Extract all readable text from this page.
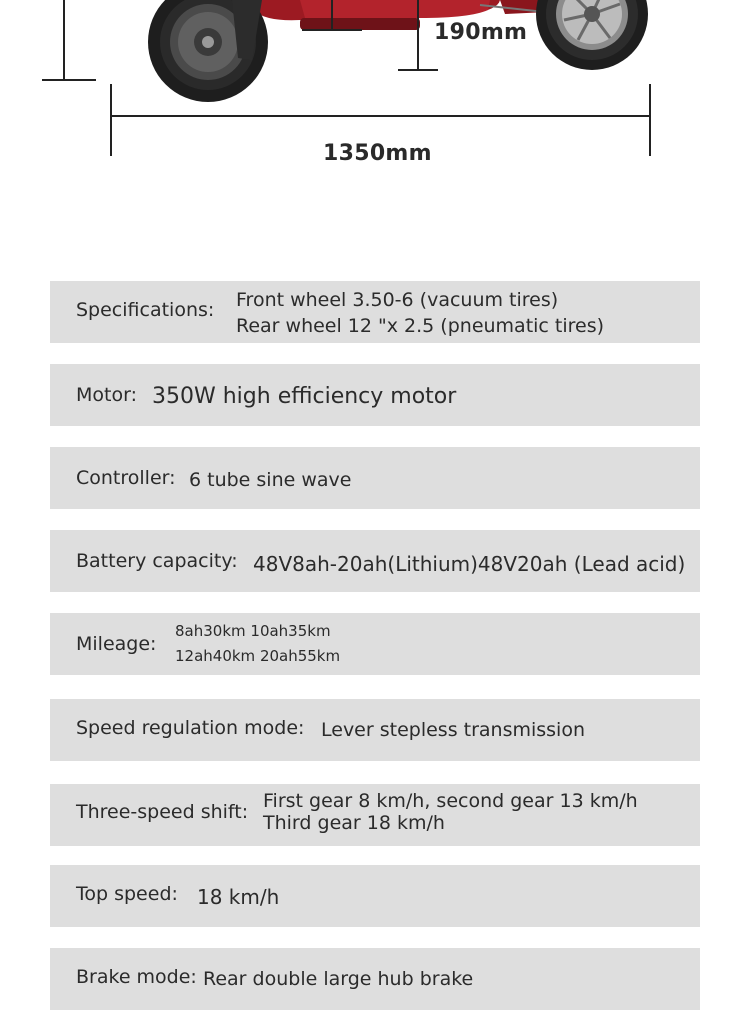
190mm
1350mm
Specifications: Front wheel 3.50-6 (vacuum tires)
Rear wheel 12 "x 2.5 (pneumatic tires)
Motor: 350W high efficiency motor
Controller: 6 tube sine wave
Battery capacity: 48V8ah-20ah(Lithium)48V20ah (Lead acid)
Mileage:
8ah30km 10ah35km
12ah40km 20ah55km
Speed regulation mode: Lever stepless transmission
Three-speed shift: First gear 8 km/h, second gear 13 km/h
Third gear 18 km/h
Top speed: 18 km/h
Brake mode: Rear double large hub brake
